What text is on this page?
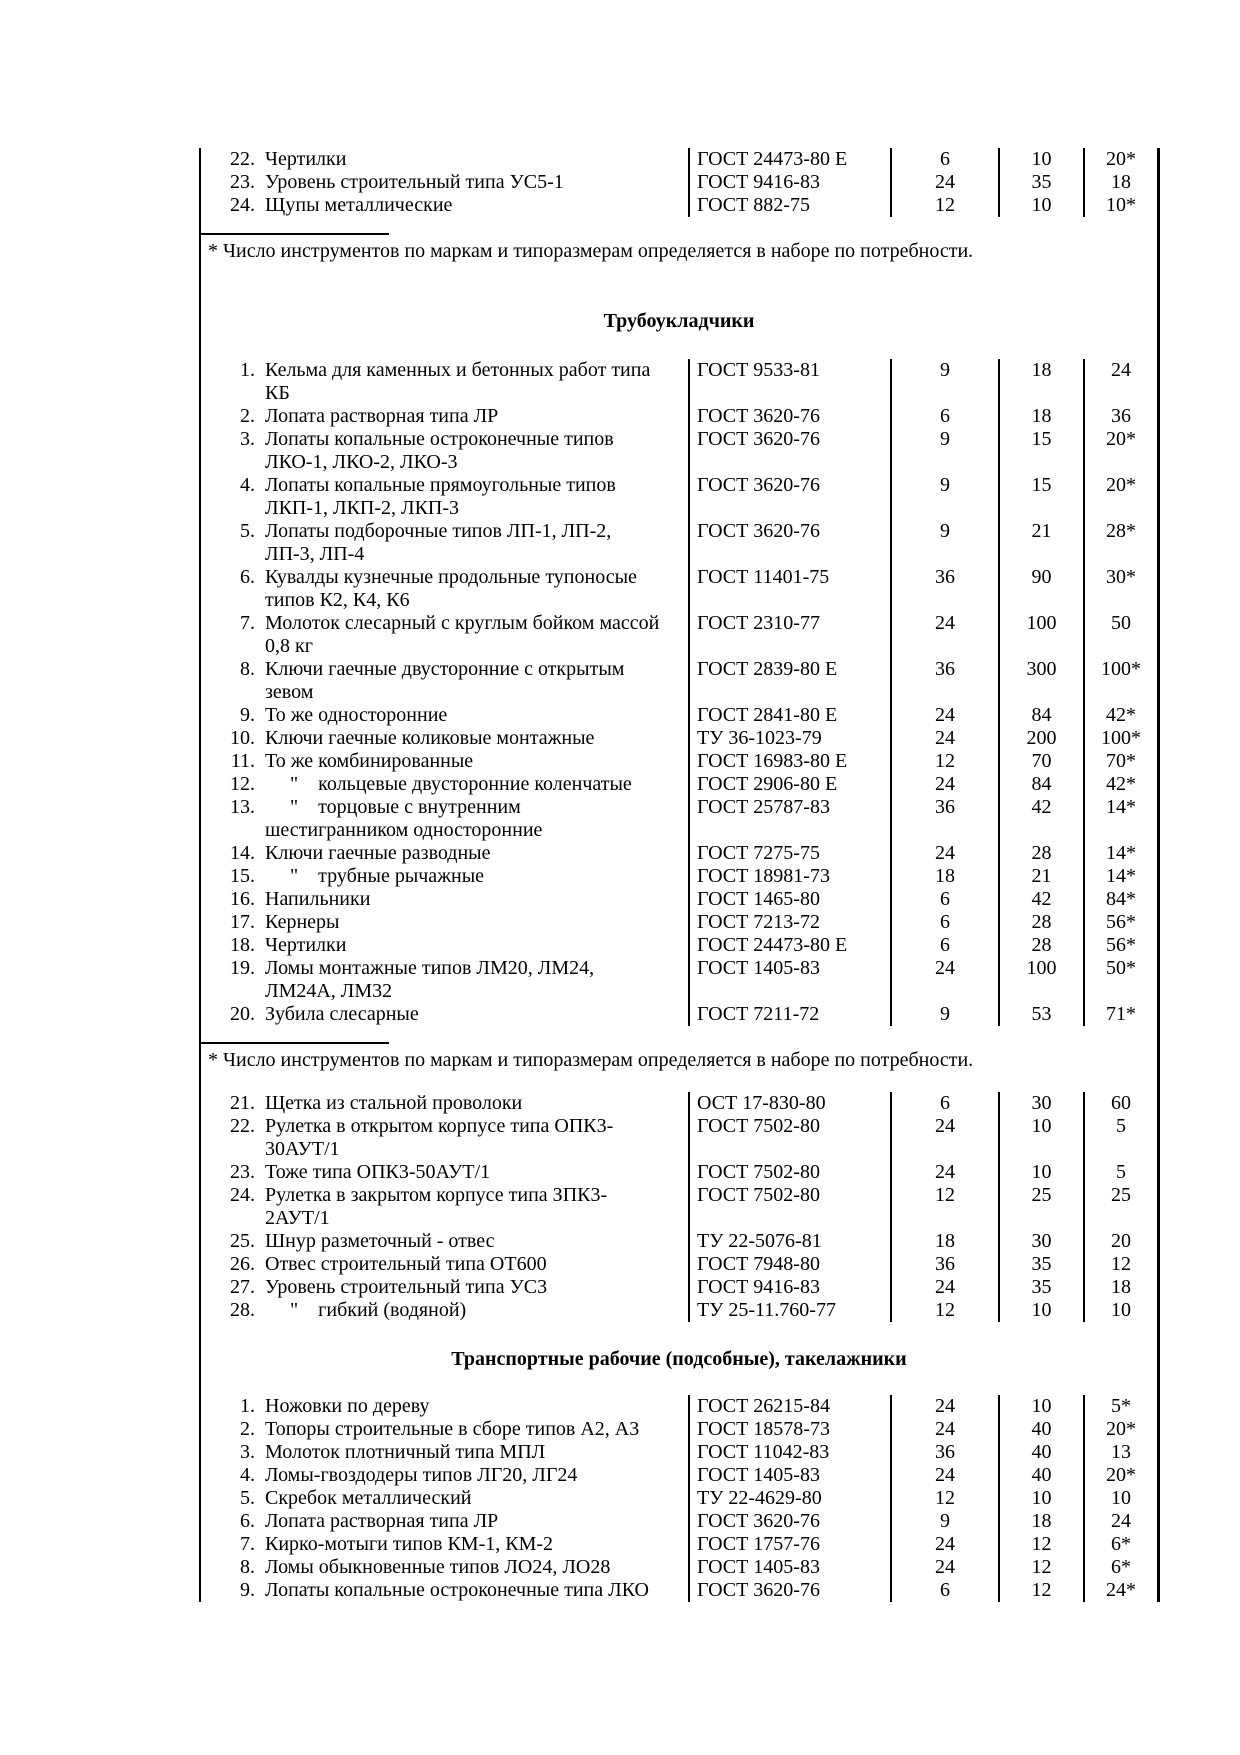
22. Чертилки	ГОСТ 24473-80 Е	6	10	20*
23. Уровень строительный типа УС5-1	ГОСТ 9416-83	24	35	18
24. Щупы металлические	ГОСТ 882-75	12	10	10*
* Число инструментов по маркам и типоразмерам определяется в наборе по потребности.
Трубоукладчики
1. Кельма для каменных и бетонных работ типа КБ
ГОСТ 9533-81	9	18	24
2. Лопата растворная типа ЛР	ГОСТ 3620-76	6	18	36
3. Лопаты копальные остроконечные типов ЛКО-1, ЛКО-2, ЛКО-3
ГОСТ 3620-76	9	15	20*
4. Лопаты копальные прямоугольные типов ЛКП-1, ЛКП-2, ЛКП-3
ГОСТ 3620-76	9	15	20*
5. Лопаты подборочные типов ЛП-1, ЛП-2, ЛП-3, ЛП-4
ГОСТ 3620-76	9	21	28*
6. Кувалды кузнечные продольные тупоносые типов К2, К4, К6
ГОСТ 11401-75	36	90	30*
7. Молоток слесарный с круглым бойком массой 0,8 кг
ГОСТ 2310-77	24	100	50
8. Ключи гаечные двусторонние с открытым зевом
ГОСТ 2839-80 Е	36	300	100*
9. То же односторонние	ГОСТ 2841-80 Е	24	84	42*
10. Ключи гаечные коликовые монтажные	ТУ 36-1023-79	24	200	100*
11. То же комбинированные	ГОСТ 16983-80 Е	12	70	70*
12. "    кольцевые двусторонние коленчатые	ГОСТ 2906-80 Е	24	84	42*
13. "    торцовые с внутренним шестигранником односторонние
ГОСТ 25787-83	36	42	14*
14. Ключи гаечные разводные	ГОСТ 7275-75	24	28	14*
15. "    трубные рычажные	ГОСТ 18981-73	18	21	14*
16. Напильники	ГОСТ 1465-80	6	42	84*
17. Кернеры	ГОСТ 7213-72	6	28	56*
18. Чертилки	ГОСТ 24473-80 Е	6	28	56*
19. Ломы монтажные типов ЛМ20, ЛМ24, ЛМ24А, ЛМ32
ГОСТ 1405-83	24	100	50*
20. Зубила слесарные	ГОСТ 7211-72	9	53	71*
* Число инструментов по маркам и типоразмерам определяется в наборе по потребности.
21. Щетка из стальной проволоки	ОСТ 17-830-80	6	30	60
22. Рулетка в открытом корпусе типа ОПК3-30АУТ/1
ГОСТ 7502-80	24	10	5
23. Тоже типа ОПК3-50АУТ/1	ГОСТ 7502-80	24	10	5
24. Рулетка в закрытом корпусе типа ЗПК3-2АУТ/1
ГОСТ 7502-80	12	25	25
25. Шнур разметочный - отвес	ТУ 22-5076-81	18	30	20
26. Отвес строительный типа ОТ600	ГОСТ 7948-80	36	35	12
27. Уровень строительный типа УС3	ГОСТ 9416-83	24	35	18
28. "    гибкий (водяной)	ТУ 25-11.760-77	12	10	10
Транспортные рабочие (подсобные), такелажники
1. Ножовки по дереву	ГОСТ 26215-84	24	10	5*
2. Топоры строительные в сборе типов А2, А3	ГОСТ 18578-73	24	40	20*
3. Молоток плотничный типа МПЛ	ГОСТ 11042-83	36	40	13
4. Ломы-гвоздодеры типов ЛГ20, ЛГ24	ГОСТ 1405-83	24	40	20*
5. Скребок металлический	ТУ 22-4629-80	12	10	10
6. Лопата растворная типа ЛР	ГОСТ 3620-76	9	18	24
7. Кирко-мотыги типов КМ-1, КМ-2	ГОСТ 1757-76	24	12	6*
8. Ломы обыкновенные типов ЛО24, ЛО28	ГОСТ 1405-83	24	12	6*
9. Лопаты копальные остроконечные типа ЛКО	ГОСТ 3620-76	6	12	24*
